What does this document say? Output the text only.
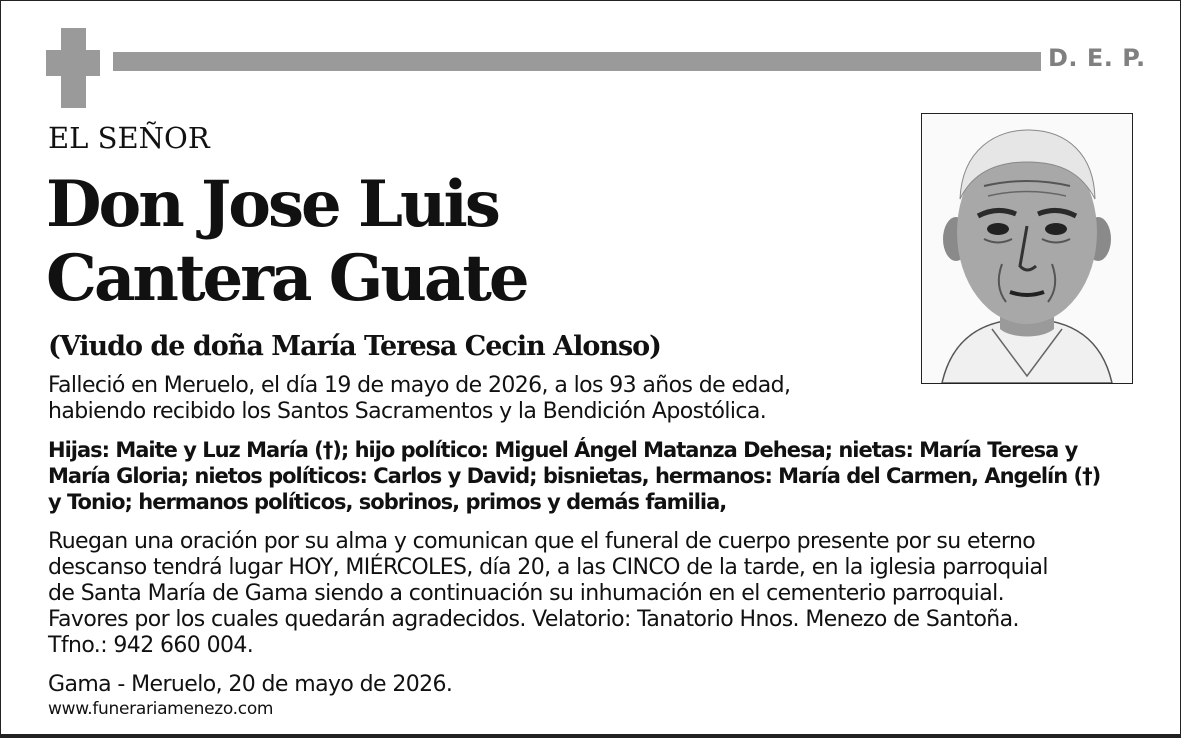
D. E. P.
EL SEÑOR
Don Jose Luis
Cantera Guate
(Viudo de doña María Teresa Cecin Alonso)
Falleció en Meruelo, el día 19 de mayo de 2026, a los 93 años de edad,
habiendo recibido los Santos Sacramentos y la Bendición Apostólica.
Hijas: Maite y Luz María (†); hijo político: Miguel Ángel Matanza Dehesa; nietas: María Teresa y
María Gloria; nietos políticos: Carlos y David; bisnietas, hermanos: María del Carmen, Angelín (†)
y Tonio; hermanos políticos, sobrinos, primos y demás familia,
Ruegan una oración por su alma y comunican que el funeral de cuerpo presente por su eterno
descanso tendrá lugar HOY, MIÉRCOLES, día 20, a las CINCO de la tarde, en la iglesia parroquial
de Santa María de Gama siendo a continuación su inhumación en el cementerio parroquial.
Favores por los cuales quedarán agradecidos. Velatorio: Tanatorio Hnos. Menezo de Santoña.
Tfno.: 942 660 004.
Gama - Meruelo, 20 de mayo de 2026.
www.funerariamenezo.com
